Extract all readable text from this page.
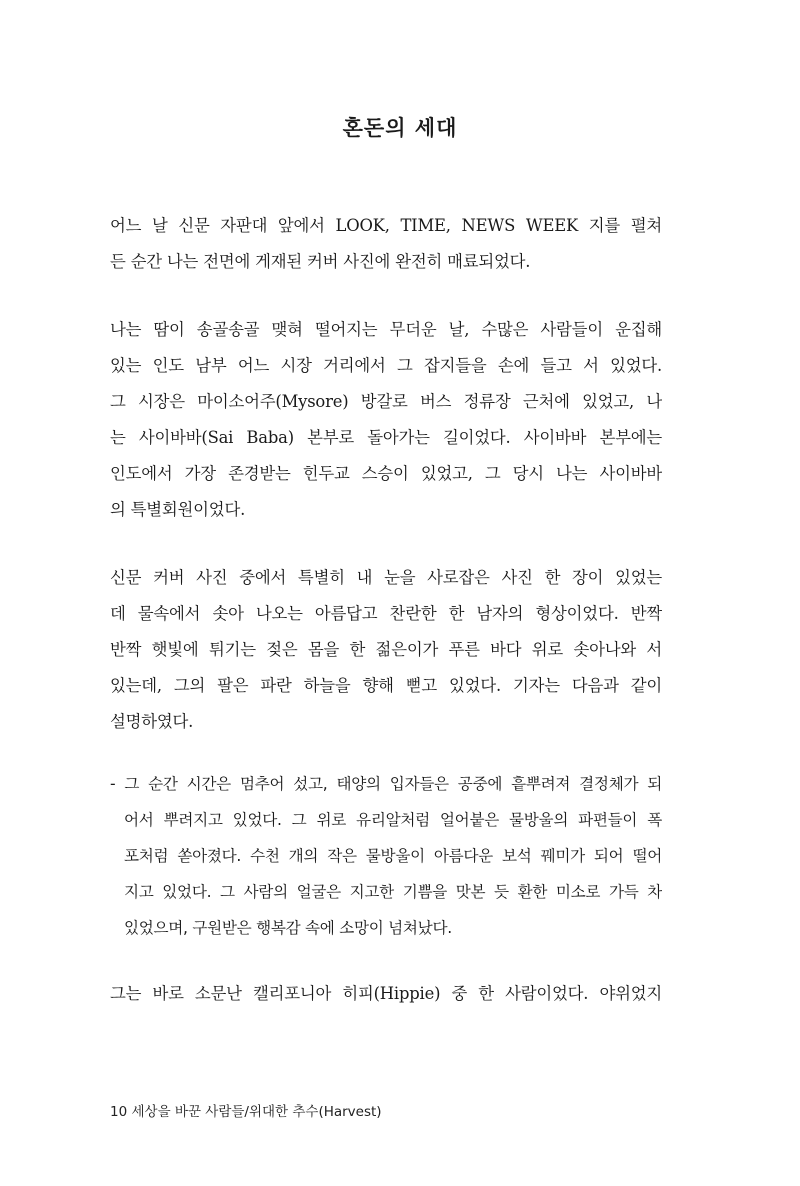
혼돈의 세대
어느 날 신문 자판대 앞에서 LOOK, TIME, NEWS WEEK 지를 펼쳐
든 순간 나는 전면에 게재된 커버 사진에 완전히 매료되었다.
나는 땀이 송골송골 맺혀 떨어지는 무더운 날, 수많은 사람들이 운집해
있는 인도 남부 어느 시장 거리에서 그 잡지들을 손에 들고 서 있었다.
그 시장은 마이소어주(Mysore) 방갈로 버스 정류장 근처에 있었고, 나
는 사이바바(Sai Baba) 본부로 돌아가는 길이었다. 사이바바 본부에는
인도에서 가장 존경받는 힌두교 스승이 있었고, 그 당시 나는 사이바바
의 특별회원이었다.
신문 커버 사진 중에서 특별히 내 눈을 사로잡은 사진 한 장이 있었는
데 물속에서 솟아 나오는 아름답고 찬란한 한 남자의 형상이었다. 반짝
반짝 햇빛에 튀기는 젖은 몸을 한 젊은이가 푸른 바다 위로 솟아나와 서
있는데, 그의 팔은 파란 하늘을 향해 뻗고 있었다. 기자는 다음과 같이
설명하였다.
- 그 순간 시간은 멈추어 섰고, 태양의 입자들은 공중에 흩뿌려져 결정체가 되
어서 뿌려지고 있었다. 그 위로 유리알처럼 얼어붙은 물방울의 파편들이 폭
포처럼 쏟아졌다. 수천 개의 작은 물방울이 아름다운 보석 꿰미가 되어 떨어
지고 있었다. 그 사람의 얼굴은 지고한 기쁨을 맛본 듯 환한 미소로 가득 차
있었으며, 구원받은 행복감 속에 소망이 넘쳐났다.
그는 바로 소문난 캘리포니아 히피(Hippie) 중 한 사람이었다. 야위었지
10 세상을 바꾼 사람들/위대한 추수(Harvest)
